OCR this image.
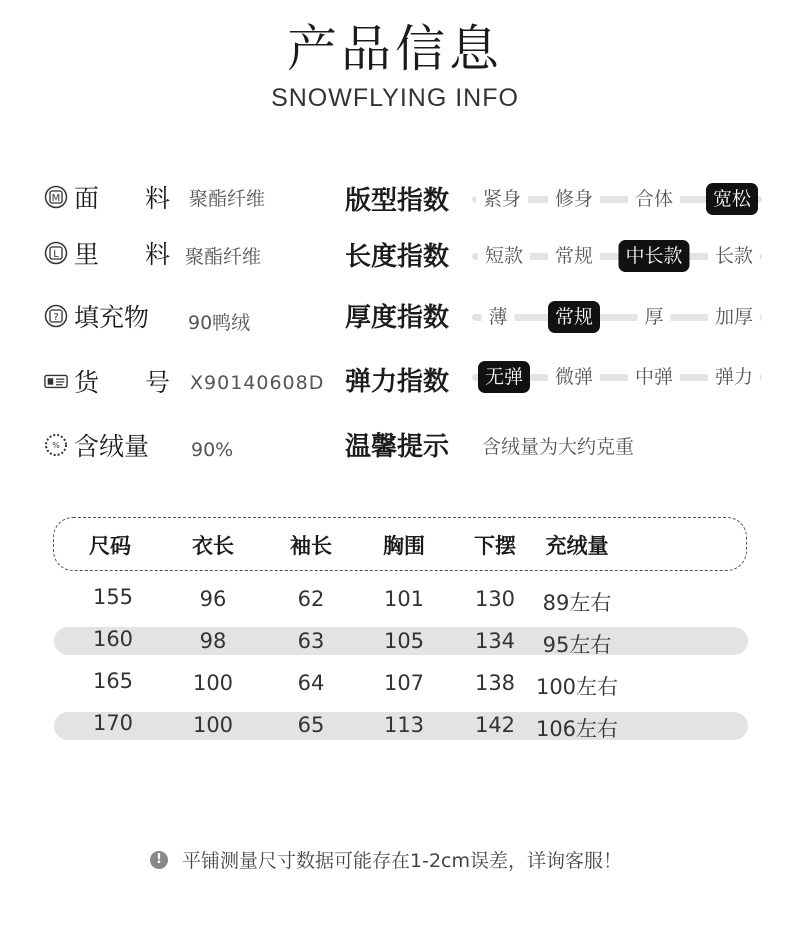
产品信息
SNOWFLYING INFO
M 面 料 聚酯纤维
L 里 料 聚酯纤维
? 填充物 90鸭绒
货 号 X90140608D
% 含绒量 90%
版型指数	紧身	修身	合体	宽松
长度指数	短款	常规	中长款	长款
厚度指数	薄	常规	厚	加厚
弹力指数	无弹	微弹	中弹	弹力
温馨提示 含绒量为大约克重
尺码	衣长	袖长 胸围 下摆 充绒量
155	96	62	101 130 89左右
160	98	63	105 134 95左右
165	100	64	107 138 100左右
170	100	65	113 142 106左右
!	平铺测量尺寸数据可能存在1-2cm误差，详询客服！
